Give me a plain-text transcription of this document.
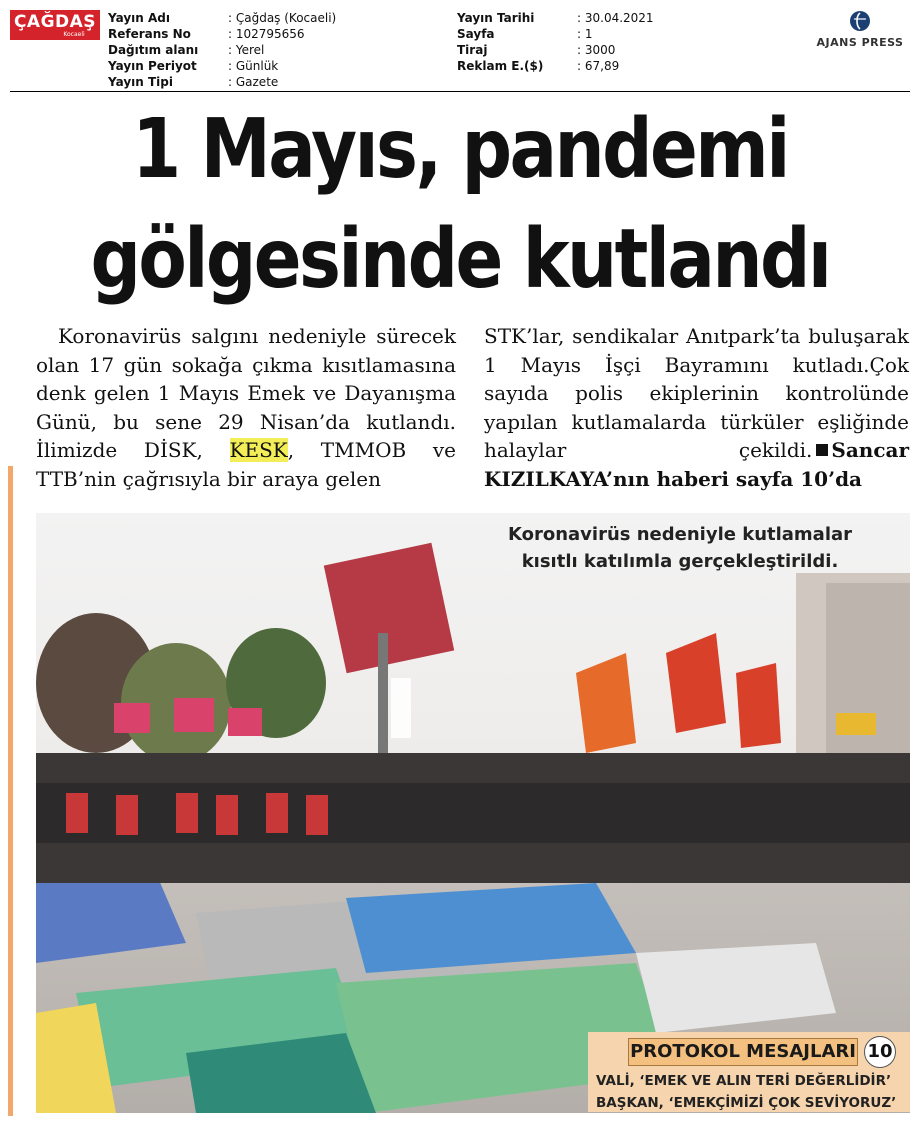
ÇAĞDAŞ
Kocaeli
Yayın Adı	: Çağdaş (Kocaeli)
Referans No	: 102795656
Dağıtım alanı	: Yerel
Yayın Periyot	: Günlük
Yayın Tipi	: Gazete
Yayın Tarihi	: 30.04.2021
Sayfa	: 1
Tiraj	: 3000
Reklam E.($)	: 67,89
AJANS PRESS
1 Mayıs, pandemi
gölgesinde kutlandı
Koronavirüs salgını nedeniyle sürecek olan 17 gün sokağa çıkma kısıtlamasına denk gelen 1 Mayıs Emek ve Dayanışma Günü, bu sene 29 Nisan’da kutlandı. İlimizde DİSK, KESK, TMMOB ve TTB’nin çağrısıyla bir araya gelen
STK’lar, sendikalar Anıtpark’ta buluşarak 1 Mayıs İşçi Bayramını kutladı.Çok sayıda polis ekiplerinin kontrolünde yapılan kutlamalarda türküler eşliğinde halaylar çekildi. Sancar KIZILKAYA’nın haberi sayfa 10’da
Koronavirüs nedeniyle kutlamalar
kısıtlı katılımla gerçekleştirildi.
PROTOKOL MESAJLARI 10
VALİ, ‘EMEK VE ALIN TERİ DEĞERLİDİR’
BAŞKAN, ‘EMEKÇİMİZİ ÇOK SEVİYORUZ’
